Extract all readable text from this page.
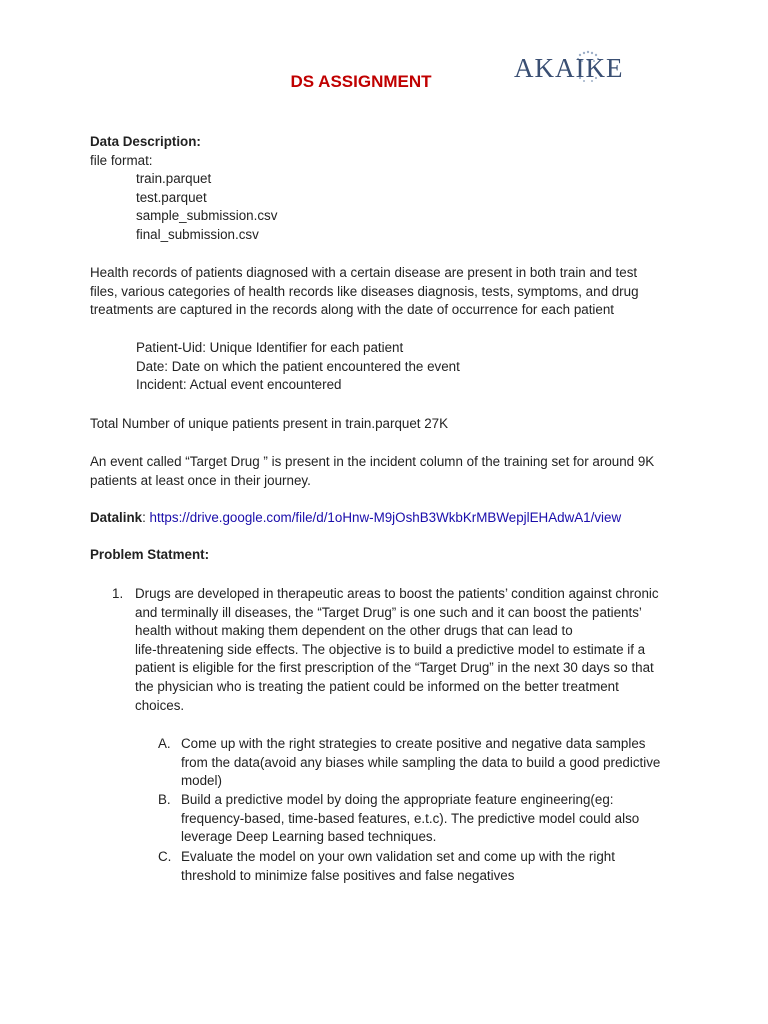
DS ASSIGNMENT	AKAIKE
Data Description:
file format:
train.parquet
test.parquet
sample_submission.csv
final_submission.csv
Health records of patients diagnosed with a certain disease are present in both train and test
files, various categories of health records like diseases diagnosis, tests, symptoms, and drug
treatments are captured in the records along with the date of occurrence for each patient
Patient-Uid: Unique Identifier for each patient
Date: Date on which the patient encountered the event
Incident: Actual event encountered
Total Number of unique patients present in train.parquet 27K
An event called “Target Drug ” is present in the incident column of the training set for around 9K
patients at least once in their journey.
Datalink: https://drive.google.com/file/d/1oHnw-M9jOshB3WkbKrMBWepjlEHAdwA1/view
Problem Statment:
1. Drugs are developed in therapeutic areas to boost the patients’ condition against chronic
and terminally ill diseases, the “Target Drug” is one such and it can boost the patients’
health without making them dependent on the other drugs that can lead to
life-threatening side effects. The objective is to build a predictive model to estimate if a
patient is eligible for the first prescription of the “Target Drug” in the next 30 days so that
the physician who is treating the patient could be informed on the better treatment
choices.
A. Come up with the right strategies to create positive and negative data samples
from the data(avoid any biases while sampling the data to build a good predictive
model)
B. Build a predictive model by doing the appropriate feature engineering(eg:
frequency-based, time-based features, e.t.c). The predictive model could also
leverage Deep Learning based techniques.
C. Evaluate the model on your own validation set and come up with the right
threshold to minimize false positives and false negatives
